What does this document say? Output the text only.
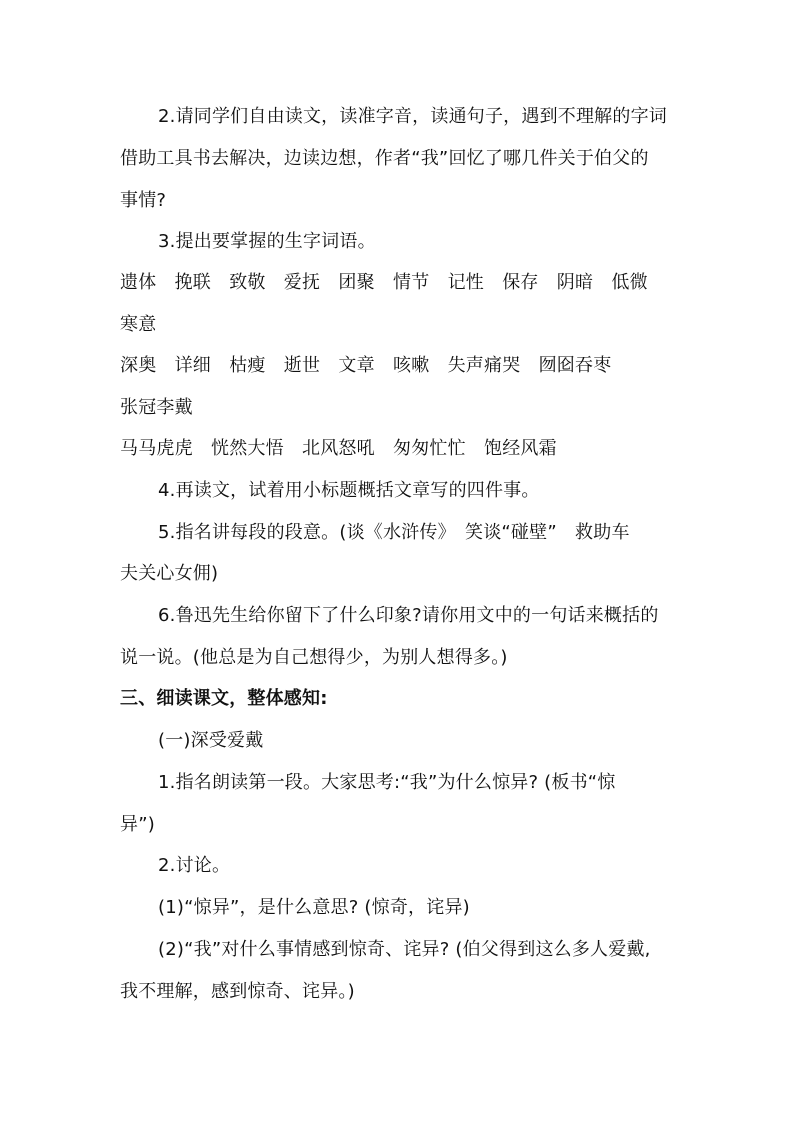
2.请同学们自由读文，读准字音，读通句子，遇到不理解的字词
借助工具书去解决，边读边想，作者“我”回忆了哪几件关于伯父的
事情?
3.提出要掌握的生字词语。
遗体　挽联　致敬　爱抚　团聚　情节　记性　保存　阴暗　低微
寒意
深奥　详细　枯瘦　逝世　文章　咳嗽　失声痛哭　囫囵吞枣
张冠李戴
马马虎虎　恍然大悟　北风怒吼　匆匆忙忙　饱经风霜
4.再读文，试着用小标题概括文章写的四件事。
5.指名讲每段的段意。(谈《水浒传》　笑谈“碰壁”　救助车
夫关心女佣)
6.鲁迅先生给你留下了什么印象?请你用文中的一句话来概括的
说一说。(他总是为自己想得少，为别人想得多。)
三、细读课文，整体感知:
(一)深受爱戴
1.指名朗读第一段。大家思考:“我”为什么惊异? (板书“惊
异”)
2.讨论。
(1)“惊异”，是什么意思? (惊奇，诧异)
(2)“我”对什么事情感到惊奇、诧异? (伯父得到这么多人爱戴,
我不理解，感到惊奇、诧异。)
